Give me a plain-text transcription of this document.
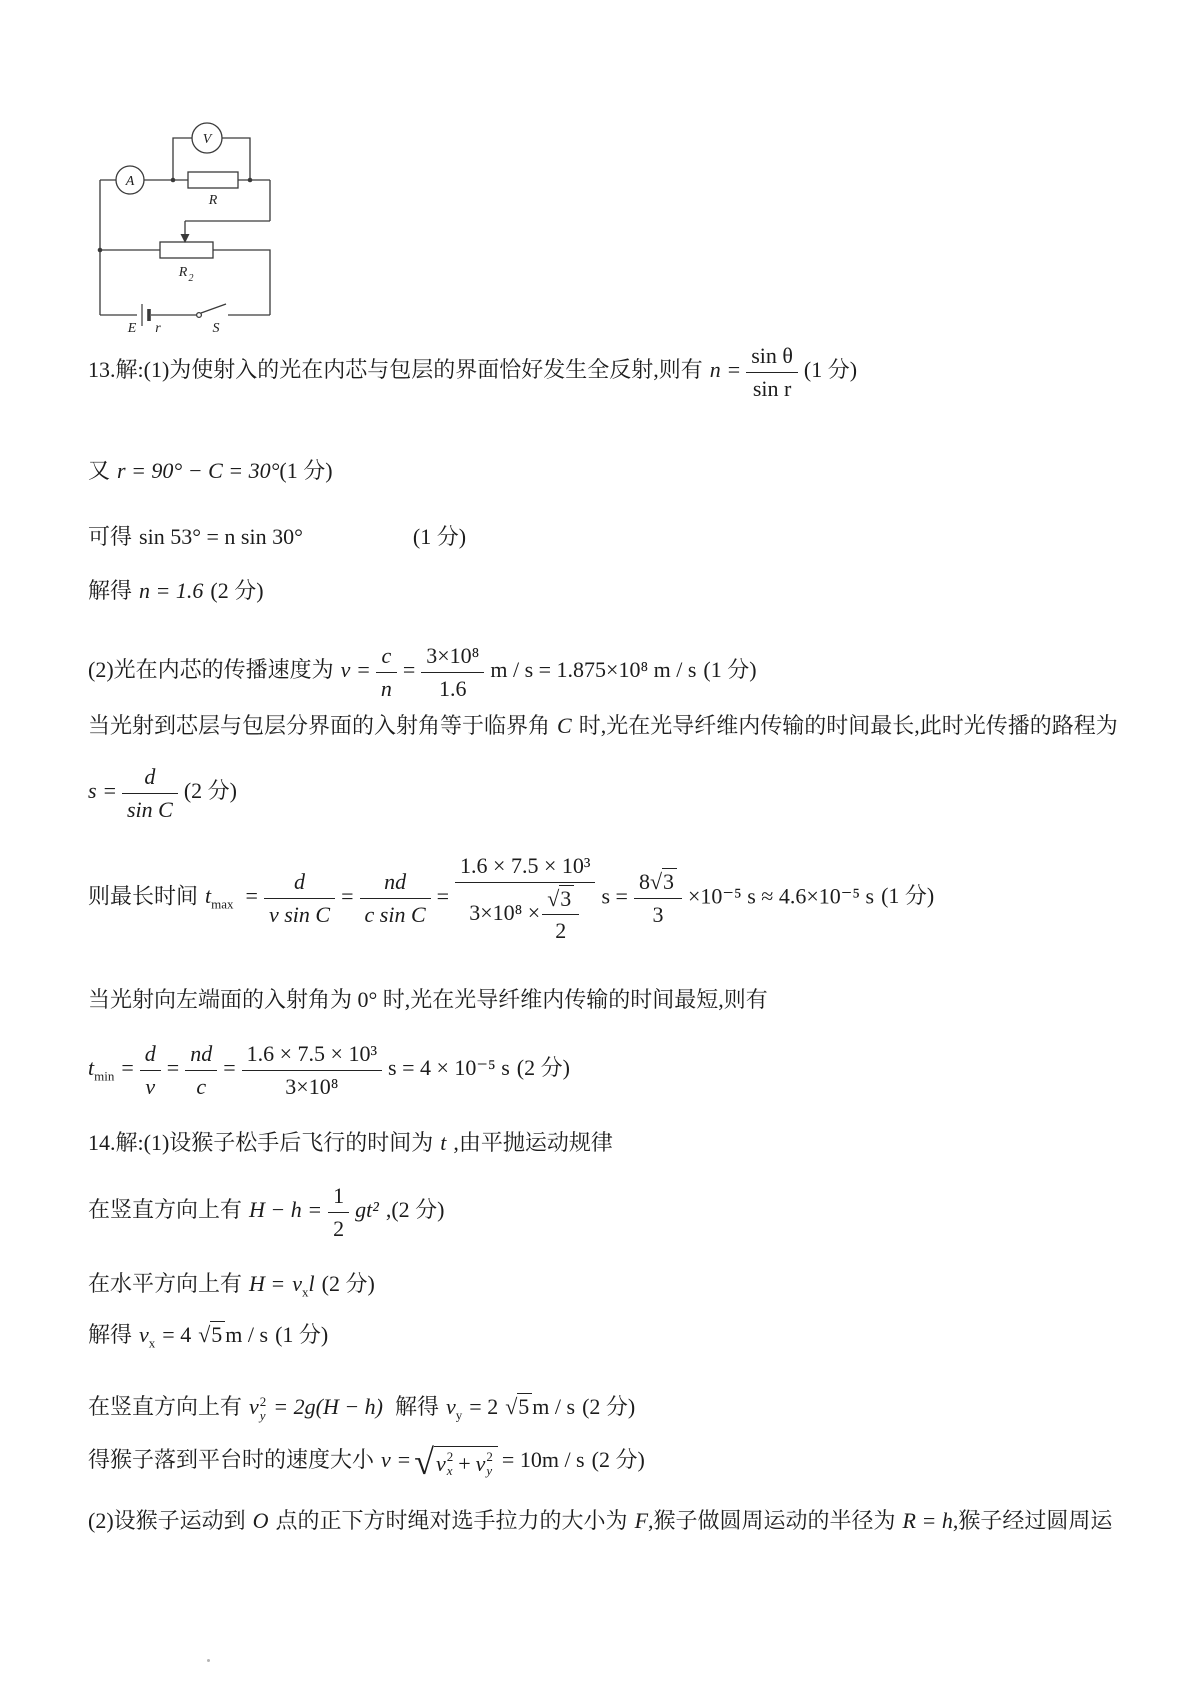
V
A
R
R 2
E r	S
13.解:(1)为使射入的光在内芯与包层的界面恰好发生全反射,则有 $n = \frac{\text{sin θ}}{\text{sin r}} (1$ 分)
又 r = 90° − C = 30°(1 分)
可得 sin 53° = n sin 30°	(1 分)
解得 n = 1.6 (2 分)
(2)光在内芯的传播速度为 $v = \frac{c}{n} = \frac{\text{3×10⁸}}{1.6}$ m / s = 1.875×10⁸ m / s (1 分)
当光射到芯层与包层分界面的入射角等于临界角 C 时,光在光导纤维内传输的时间最长,此时光传播的路程为
$s = \frac{d}{\text{sin C}} (2$ 分)
则最长时间 $t_{max} = \frac{d}{\text{v sin C}} = \frac{nd}{\text{c sin C}} = \frac{\text{1.6 × 7.5 × 10³}}{3\times 10^8 \times \frac{√3}{2}}$ $s = \frac{8√3}{3} \times 10^{-5}$ s ≈ 4.6×10⁻⁵ s (1 分)
当光射向左端面的入射角为 0° 时,光在光导纤维内传输的时间最短,则有
$t_{min} = \frac{d}{v} = \frac{nd}{c} = \frac{\text{1.6 × 7.5 × 10³}}{\text{3×10⁸}}$ s = 4 × 10⁻⁵ s (2 分)
14.解:(1)设猴子松手后飞行的时间为 t ,由平抛运动规律
在竖直方向上有 $H - h = \frac{1}{2} gt^2$ ,(2 分)
在水平方向上有 $H = v_xl$ (2 分)
解得 $v_x = 4$ √5 m / s (1 分)
在竖直方向上有 v 2
y = 2g(H − h) 解得 $v_y = 2$ √5 m / s (2 分)
得猴子落到平台时的速度大小 v = √ v 2
x + v 2
y = 10m / s (2 分)
(2)设猴子运动到 O 点的正下方时绳对选手拉力的大小为 F,猴子做圆周运动的半径为 R = h,猴子经过圆周运
